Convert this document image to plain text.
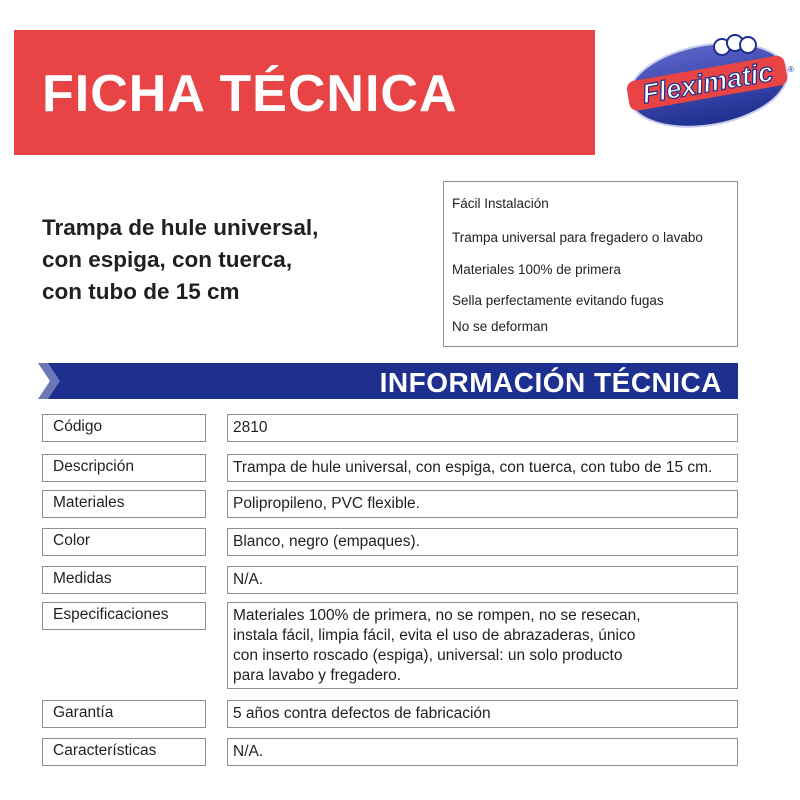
FICHA TÉCNICA	Fleximatic ®
Trampa de hule universal,
con espiga, con tuerca,
con tubo de 15 cm
Fácil Instalación
Trampa universal para fregadero o lavabo
Materiales 100% de primera
Sella perfectamente evitando fugas
No se deforman
INFORMACIÓN TÉCNICA
Código	2810
Descripción	Trampa de hule universal, con espiga, con tuerca, con tubo de 15 cm.
Materiales	Polipropileno, PVC flexible.
Color	Blanco, negro (empaques).
Medidas	N/A.
Especificaciones	Materiales 100% de primera, no se rompen, no se resecan,
instala fácil, limpia fácil, evita el uso de abrazaderas, único
con inserto roscado (espiga), universal: un solo producto
para lavabo y fregadero.
Garantía	5 años contra defectos de fabricación
Características	N/A.
